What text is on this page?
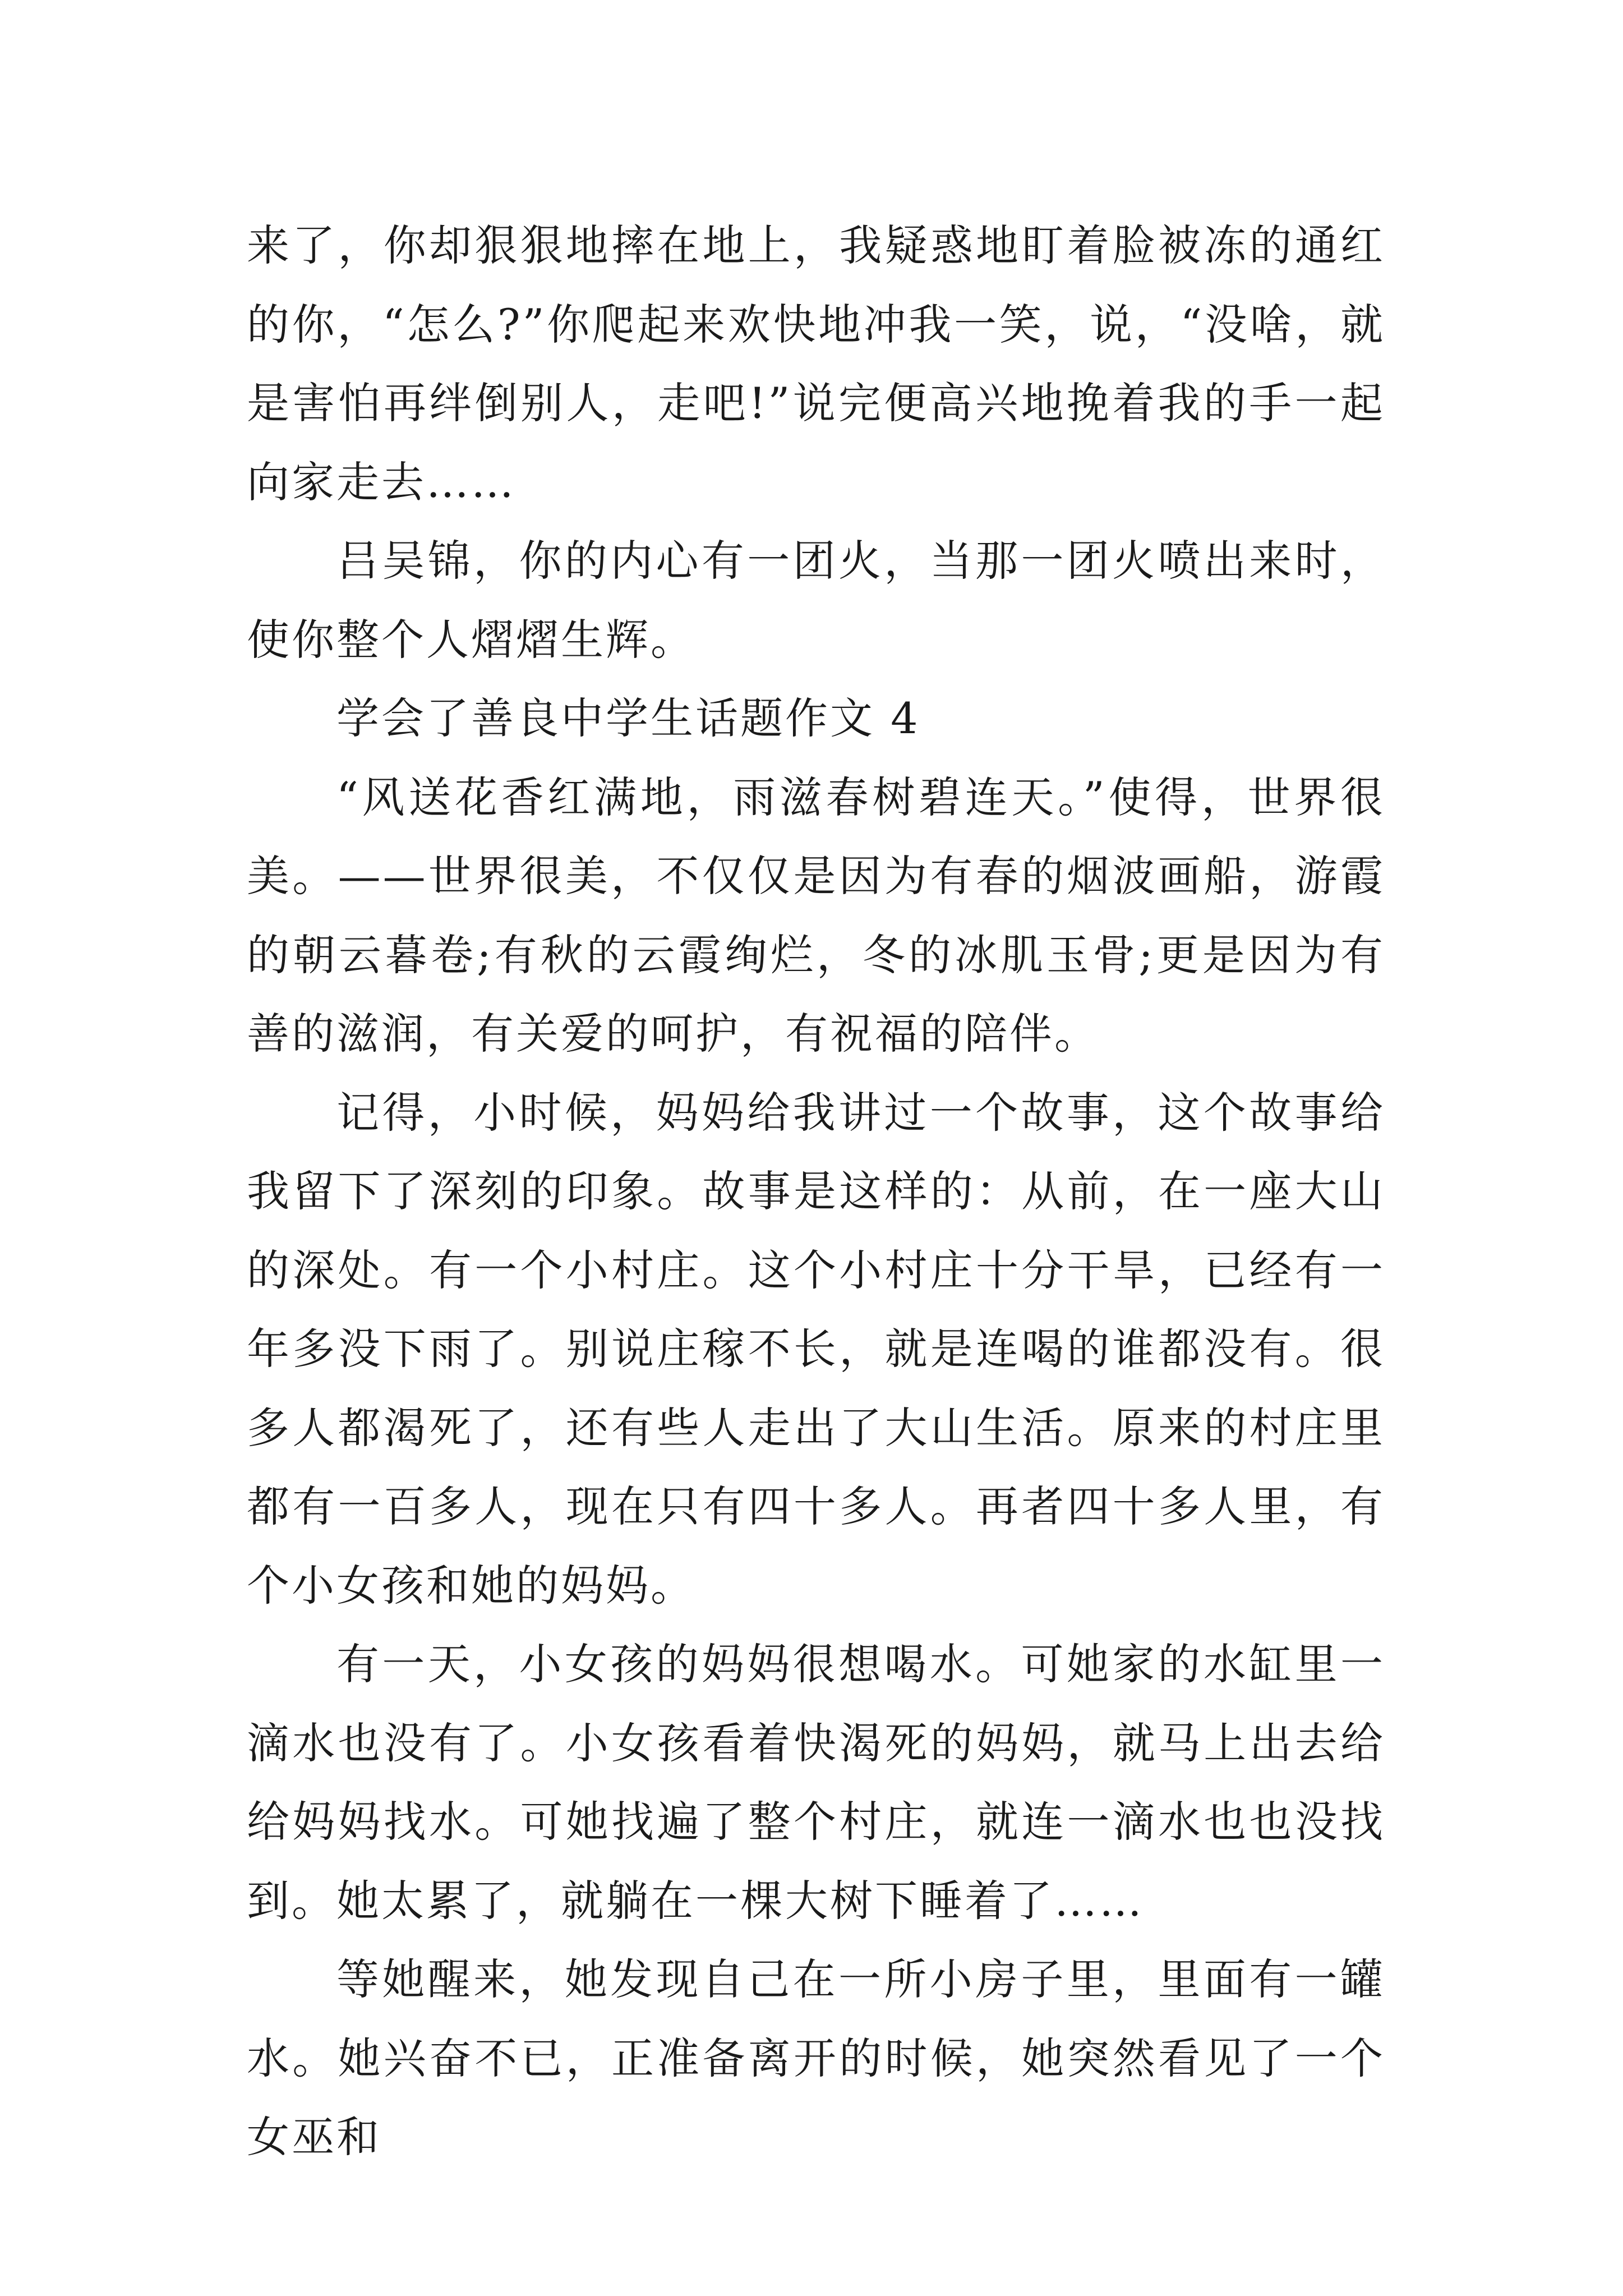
来了，你却狠狠地摔在地上，我疑惑地盯着脸被冻的通红的你，“怎么?”你爬起来欢快地冲我一笑，说，“没啥，就是害怕再绊倒别人，走吧!”说完便高兴地挽着我的手一起向家走去……

吕吴锦，你的内心有一团火，当那一团火喷出来时，使你整个人熠熠生辉。

学会了善良中学生话题作文 4

“风送花香红满地，雨滋春树碧连天。”使得，世界很美。——世界很美，不仅仅是因为有春的烟波画船，游霞的朝云暮卷;有秋的云霞绚烂，冬的冰肌玉骨;更是因为有善的滋润，有关爱的呵护，有祝福的陪伴。

记得，小时候，妈妈给我讲过一个故事，这个故事给我留下了深刻的印象。故事是这样的：从前，在一座大山的深处。有一个小村庄。这个小村庄十分干旱，已经有一年多没下雨了。别说庄稼不长，就是连喝的谁都没有。很多人都渴死了，还有些人走出了大山生活。原来的村庄里都有一百多人，现在只有四十多人。再者四十多人里，有个小女孩和她的妈妈。

有一天，小女孩的妈妈很想喝水。可她家的水缸里一滴水也没有了。小女孩看着快渴死的妈妈，就马上出去给给妈妈找水。可她找遍了整个村庄，就连一滴水也也没找到。她太累了，就躺在一棵大树下睡着了……

等她醒来，她发现自己在一所小房子里，里面有一罐水。她兴奋不已，正准备离开的时候，她突然看见了一个女巫和
